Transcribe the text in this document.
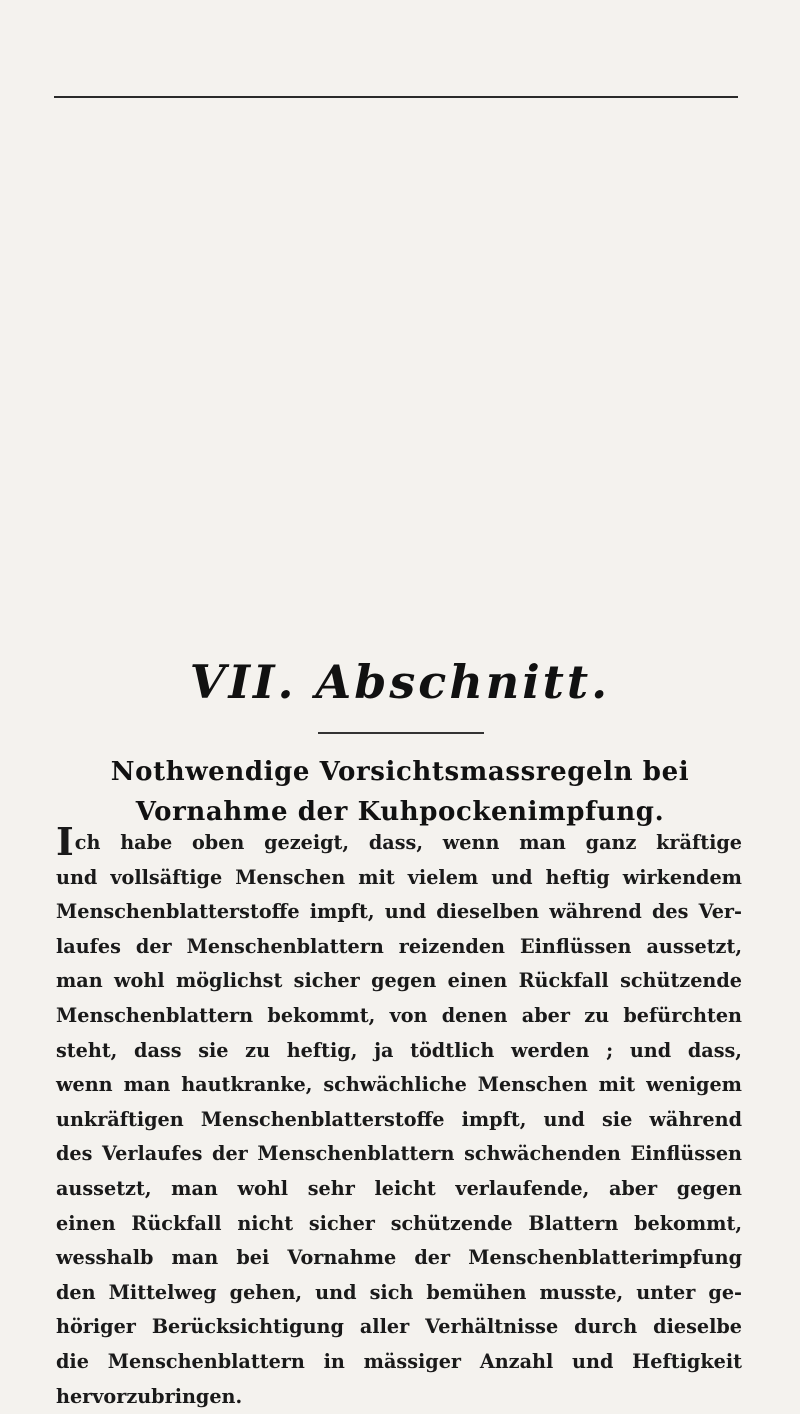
VII. Abschnitt.
Nothwendige Vorsichtsmassregeln bei
Vornahme der Kuhpockenimpfung.
Ich habe oben gezeigt, dass, wenn man ganz kräftige
und vollsäftige Menschen mit vielem und heftig wirkendem
Menschenblatterstoffe impft, und dieselben während des Ver-
laufes der Menschenblattern reizenden Einflüssen aussetzt,
man wohl möglichst sicher gegen einen Rückfall schützende
Menschenblattern bekommt, von denen aber zu befürchten
steht, dass sie zu heftig, ja tödtlich werden ; und dass,
wenn man hautkranke, schwächliche Menschen mit wenigem
unkräftigen Menschenblatterstoffe impft, und sie während
des Verlaufes der Menschenblattern schwächenden Einflüssen
aussetzt, man wohl sehr leicht verlaufende, aber gegen
einen Rückfall nicht sicher schützende Blattern bekommt,
wesshalb man bei Vornahme der Menschenblatterimpfung
den Mittelweg gehen, und sich bemühen musste, unter ge-
höriger Berücksichtigung aller Verhältnisse durch dieselbe
die Menschenblattern in mässiger Anzahl und Heftigkeit
hervorzubringen.
